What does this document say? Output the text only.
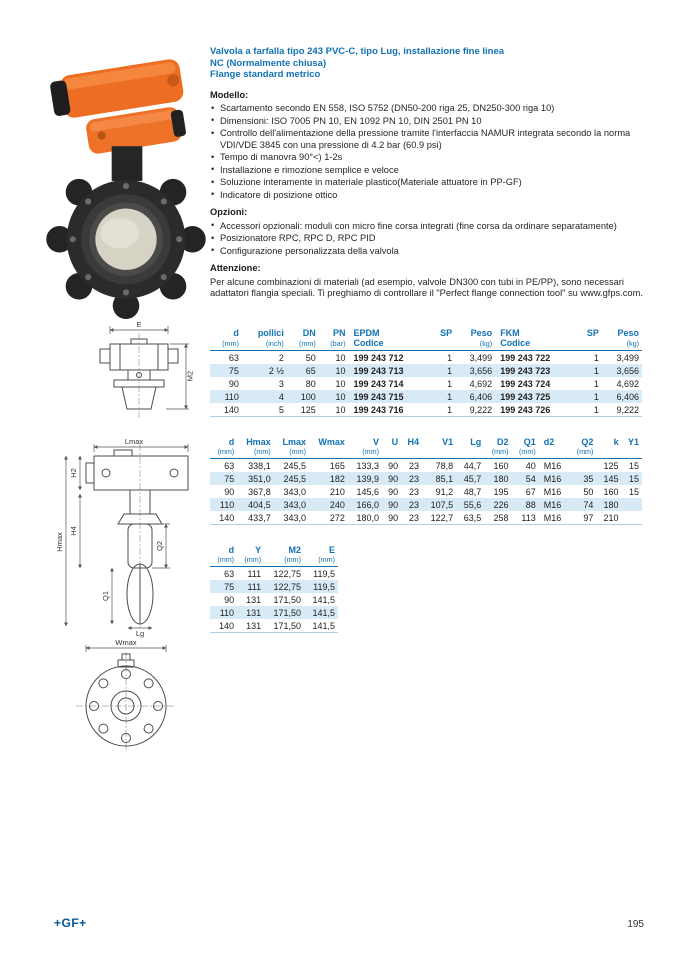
E
M2
Lmax
Hmax
H2
H4
Q1
Q2
Lg
Wmax
Valvola a farfalla tipo 243 PVC-C, tipo Lug, installazione fine linea
NC (Normalmente chiusa)
Flange standard metrico
Modello:
• Scartamento secondo EN 558, ISO 5752 (DN50-200 riga 25, DN250-300 riga 10)
• Dimensioni: ISO 7005 PN 10, EN 1092 PN 10, DIN 2501 PN 10
• Controllo dell'alimentazione della pressione tramite l'interfaccia NAMUR integrata secondo la norma VDI/VDE 3845 con una pressione di 4.2 bar (60.9 psi)
• Tempo di manovra 90°<) 1-2s
• Installazione e rimozione semplice e veloce
• Soluzione interamente in materiale plastico(Materiale attuatore in PP-GF)
• Indicatore di posizione ottico
Opzioni:
• Accessori opzionali: moduli con micro fine corsa integrati (fine corsa da ordinare separatamente)
• Posizionatore RPC, RPC D, RPC PID
• Configurazione personalizzata della valvola
Attenzione:

Per alcune combinazioni di materiali (ad esempio, valvole DN300 con tubi in PE/PP), sono necessari adattatori flangia speciali. Ti preghiamo di controllare il "Perfect flange connection tool" su www.gfps.com.

d	pollici	DN	PN	EPDM	SP	Peso	FKM	SP	Peso
(mm)	(inch)	(mm)	(bar)	Codice		(kg)	Codice		(kg)
63	2	50	10	199 243 712	1	3,499	199 243 722	1	3,499
75	2 ½	65	10	199 243 713	1	3,656	199 243 723	1	3,656
90	3	80	10	199 243 714	1	4,692	199 243 724	1	4,692
110	4	100	10	199 243 715	1	6,406	199 243 725	1	6,406
140	5	125	10	199 243 716	1	9,222	199 243 726	1	9,222
d	Hmax	Lmax	Wmax	V	U	H4	V1	Lg	D2	Q1	d2	Q2	k	Y1
(mm)	(mm)	(mm)		(mm)					(mm)	(mm)		(mm)		
63	338,1	245,5	165	133,3	90	23	78,8	44,7	160	40	M16		125	15
75	351,0	245,5	182	139,9	90	23	85,1	45,7	180	54	M16	35	145	15
90	367,8	343,0	210	145,6	90	23	91,2	48,7	195	67	M16	50	160	15
110	404,5	343,0	240	166,0	90	23	107,5	55,6	226	88	M16	74	180	
140	433,7	343,0	272	180,0	90	23	122,7	63,5	258	113	M16	97	210	
d	Y	M2	E
(mm)	(mm)	(mm)	(mm)
63	111	122,75	119,5
75	111	122,75	119,5
90	131	171,50	141,5
110	131	171,50	141,5
140	131	171,50	141,5
+GF+	195
